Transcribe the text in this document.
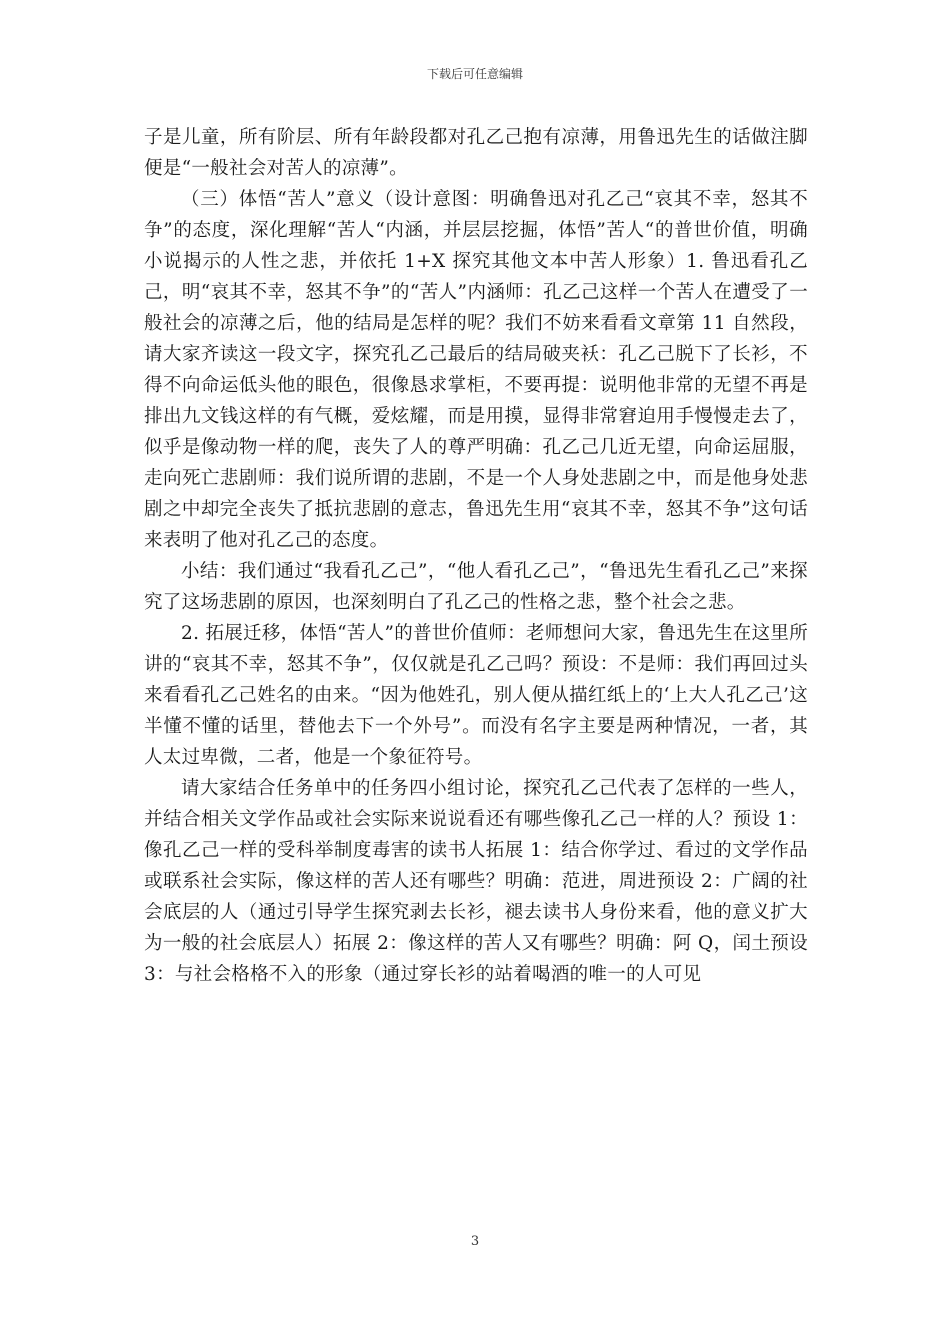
下载后可任意编辑

子是儿童，所有阶层、所有年龄段都对孔乙己抱有凉薄，用鲁迅先生的话做注脚便是“一般社会对苦人的凉薄”。

（三）体悟“苦人”意义（设计意图：明确鲁迅对孔乙己“哀其不幸，怒其不争”的态度，深化理解“苦人“内涵，并层层挖掘，体悟”苦人“的普世价值，明确小说揭示的人性之悲，并依托 1+X 探究其他文本中苦人形象）1. 鲁迅看孔乙己，明“哀其不幸，怒其不争”的“苦人”内涵师：孔乙己这样一个苦人在遭受了一般社会的凉薄之后，他的结局是怎样的呢？我们不妨来看看文章第 11 自然段，请大家齐读这一段文字，探究孔乙己最后的结局破夹袄：孔乙己脱下了长衫，不得不向命运低头他的眼色，很像恳求掌柜，不要再提：说明他非常的无望不再是排出九文钱这样的有气概，爱炫耀，而是用摸，显得非常窘迫用手慢慢走去了，似乎是像动物一样的爬，丧失了人的尊严明确：孔乙己几近无望，向命运屈服，走向死亡悲剧师：我们说所谓的悲剧，不是一个人身处悲剧之中，而是他身处悲剧之中却完全丧失了抵抗悲剧的意志，鲁迅先生用“哀其不幸，怒其不争”这句话来表明了他对孔乙己的态度。

小结：我们通过“我看孔乙己”，“他人看孔乙己”，“鲁迅先生看孔乙己”来探究了这场悲剧的原因，也深刻明白了孔乙己的性格之悲，整个社会之悲。

2. 拓展迁移，体悟“苦人”的普世价值师：老师想问大家，鲁迅先生在这里所讲的“哀其不幸，怒其不争”，仅仅就是孔乙己吗？预设：不是师：我们再回过头来看看孔乙己姓名的由来。“因为他姓孔，别人便从描红纸上的‘上大人孔乙己’这半懂不懂的话里，替他去下一个外号”。而没有名字主要是两种情况，一者，其人太过卑微，二者，他是一个象征符号。

请大家结合任务单中的任务四小组讨论，探究孔乙己代表了怎样的一些人，并结合相关文学作品或社会实际来说说看还有哪些像孔乙己一样的人？预设 1：像孔乙己一样的受科举制度毒害的读书人拓展 1：结合你学过、看过的文学作品或联系社会实际，像这样的苦人还有哪些？明确：范进，周进预设 2：广阔的社会底层的人（通过引导学生探究剥去长衫，褪去读书人身份来看，他的意义扩大为一般的社会底层人）拓展 2：像这样的苦人又有哪些？明确：阿 Q，闰土预设 3：与社会格格不入的形象（通过穿长衫的站着喝酒的唯一的人可见

3
